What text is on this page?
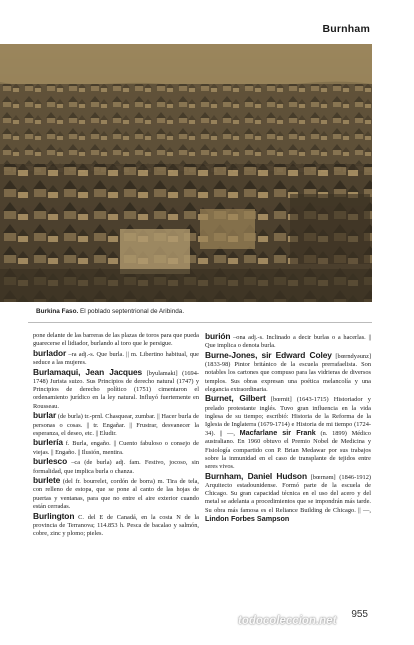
Burnham
Burkina Faso. El poblado septentrional de Aribinda.

pone delante de las barreras de las plazas de toros para que pueda guarecerse el lidiador, burlando al toro que le persigue.

burlador –ra adj.-s. Que burla. || m. Libertino habitual, que seduce a las mujeres.

Burlamaqui, Jean Jacques [byulamaki] (1694-1748) Jurista suizo. Sus Principios de derecho natural (1747) y Principios de derecho político (1751) cimentaron el ordenamiento jurídico en la ley natural. Influyó fuertemente en Rousseau.

burlar (de burla) tr.-prnl. Chasquear, zumbar. || Hacer burla de personas o cosas. || tr. Engañar. || Frustrar, desvanecer la esperanza, el deseo, etc. || Eludir.

burlería f. Burla, engaño. || Cuento fabuloso o consejo de viejas. || Engaño. || Ilusión, mentira.

burlesco –ca (de burla) adj. fam. Festivo, jocoso, sin formalidad, que implica burla o chanza.

burlete (del fr. bourrelet, cordón de borra) m. Tira de tela, con relleno de estopa, que se pone al canto de las hojas de puertas y ventanas, para que no entre el aire exterior cuando están cerradas.

Burlington C. del E de Canadá, en la costa N de la provincia de Terranova; 114.853 h. Pesca de bacalao y salmón, cobre, zinc y plomo; pieles.

burión –ona adj.-s. Inclinado a decir burlas o a hacerlas. || Que implica o denota burla.

Burne-Jones, sir Edward Coley [bœrndyəunz] (1833-98) Pintor británico de la escuela prerrafaelista. Son notables los cartones que compuso para las vidrieras de diversos templos. Sus obras expresan una poética melancolía y una elegancia extraordinaria.

Burnet, Gilbert [bœrnit] (1643-1715) Historiador y prelado protestante inglés. Tuvo gran influencia en la vida inglesa de su tiempo; escribió: Historia de la Reforma de la Iglesia de Inglaterra (1679-1714) e Historia de mi tiempo (1724-34). || —, Macfarlane sir Frank (n. 1899) Médico australiano. En 1960 obtuvo el Premio Nobel de Medicina y Fisiología compartido con P. Brian Medawar por sus trabajos sobre la inmunidad en el caso de transplante de tejidos entre seres vivos.

Burnham, Daniel Hudson [bœrnəm] (1846-1912) Arquitecto estadounidense. Formó parte de la escuela de Chicago. Su gran capacidad técnica en el uso del acero y del metal se adelanta a procedimientos que se impondrán más tarde. Su obra más famosa es el Reliance Building de Chicago. || —, Lindon Forbes Sampson

todocoleccion.net
955
